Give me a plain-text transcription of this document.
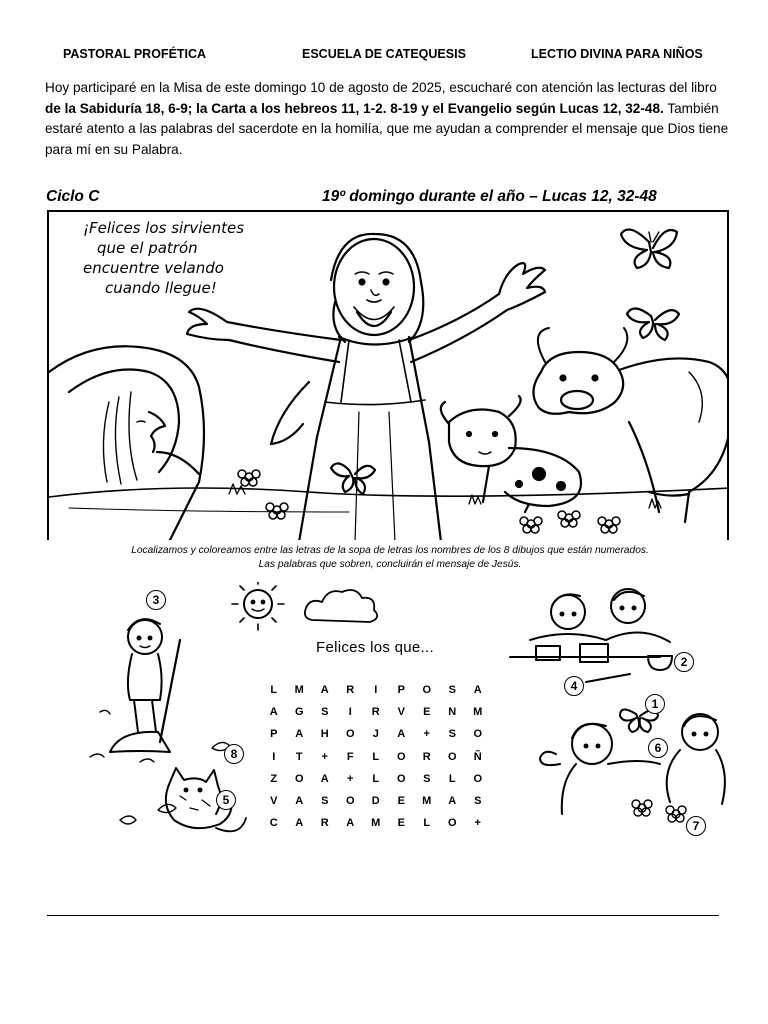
PASTORAL PROFÉTICA	ESCUELA DE CATEQUESIS	LECTIO DIVINA PARA NIÑOS
Hoy participaré en la Misa de este domingo 10 de agosto de 2025, escucharé con atención las lecturas del libro de la Sabiduría 18, 6-9; la Carta a los hebreos 11, 1-2. 8-19 y el Evangelio según Lucas 12, 32-48. También estaré atento a las palabras del sacerdote en la homilía, que me ayudan a comprender el mensaje que Dios tiene para mí en su Palabra.
Ciclo C	19º domingo durante el año – Lucas 12, 32-48
¡Felices los sirvientes
que el patrón
encuentre velando
cuando llegue!
Localizamos y coloreamos entre las letras de la sopa de letras los nombres de los 8 dibujos que están numerados.
Las palabras que sobren, concluirán el mensaje de Jesús.
Felices los que...
L	M	A	R	I	P	O	S	A
A	G	S	I	R	V	E	N	M
P	A	H	O	J	A	+	S	O
I	T	+	F	L	O	R	O	Ñ
Z	O	A	+	L	O	S	L	O
V	A	S	O	D	E	M	A	S
C	A	R	A	M	E	L	O	+
1
2
3
4
5
6
7
8
